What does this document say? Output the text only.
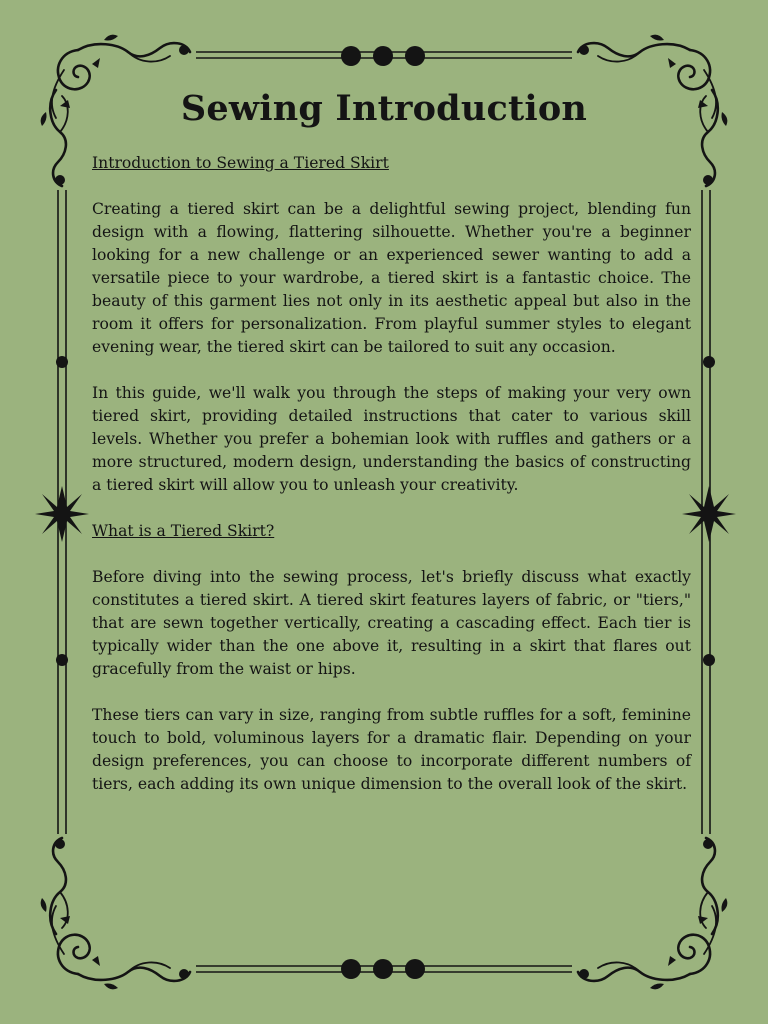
Sewing Introduction
Introduction to Sewing a Tiered Skirt

Creating a tiered skirt can be a delightful sewing project, blending fun design with a flowing, flattering silhouette. Whether you're a beginner looking for a new challenge or an experienced sewer wanting to add a versatile piece to your wardrobe, a tiered skirt is a fantastic choice. The beauty of this garment lies not only in its aesthetic appeal but also in the room it offers for personalization. From playful summer styles to elegant evening wear, the tiered skirt can be tailored to suit any occasion.

In this guide, we'll walk you through the steps of making your very own tiered skirt, providing detailed instructions that cater to various skill levels. Whether you prefer a bohemian look with ruffles and gathers or a more structured, modern design, understanding the basics of constructing a tiered skirt will allow you to unleash your creativity.

What is a Tiered Skirt?

Before diving into the sewing process, let's briefly discuss what exactly constitutes a tiered skirt. A tiered skirt features layers of fabric, or "tiers," that are sewn together vertically, creating a cascading effect. Each tier is typically wider than the one above it, resulting in a skirt that flares out gracefully from the waist or hips.

These tiers can vary in size, ranging from subtle ruffles for a soft, feminine touch to bold, voluminous layers for a dramatic flair. Depending on your design preferences, you can choose to incorporate different numbers of tiers, each adding its own unique dimension to the overall look of the skirt.
